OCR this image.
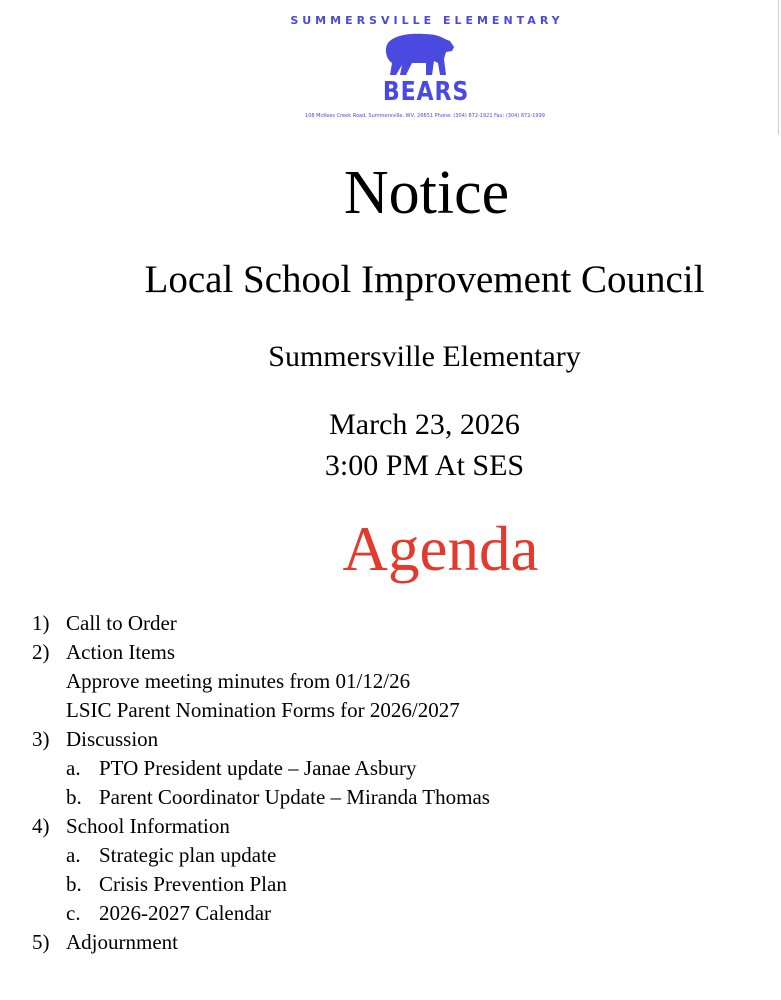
SUMMERSVILLE ELEMENTARY
BEARS
108 McKees Creek Road, Summersville, WV, 26651 Phone: (304) 872-1921 Fax: (304) 872-1999
Notice
Local School Improvement Council
Summersville Elementary
March 23, 2026
3:00 PM At SES
Agenda
1) Call to Order
2) Action Items
Approve meeting minutes from 01/12/26
LSIC Parent Nomination Forms for 2026/2027
3) Discussion
a. PTO President update – Janae Asbury
b. Parent Coordinator Update – Miranda Thomas
4) School Information
a. Strategic plan update
b. Crisis Prevention Plan
c. 2026-2027 Calendar
5) Adjournment
